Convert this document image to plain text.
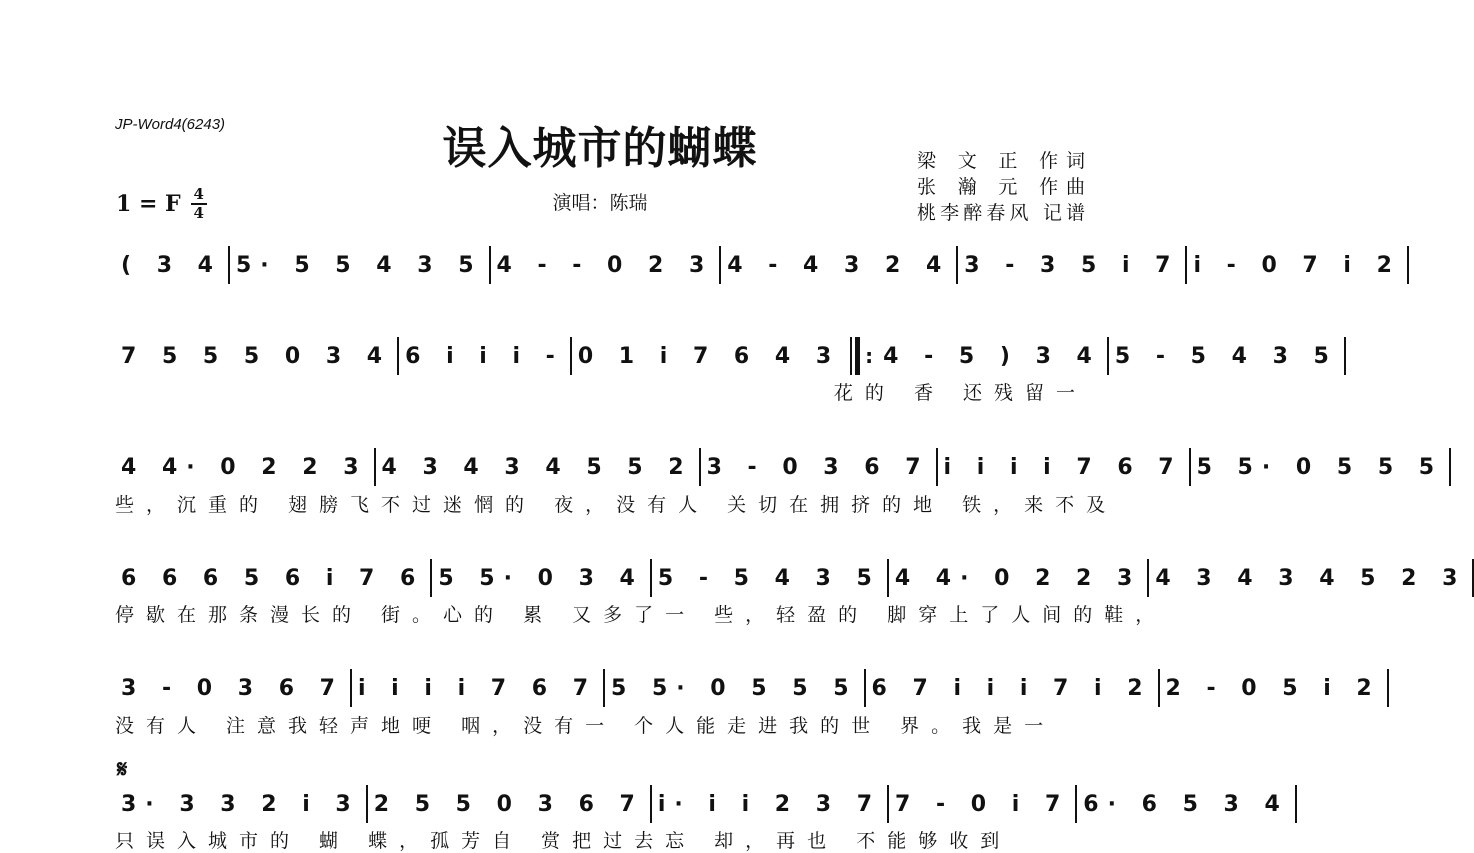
JP-Word4(6243)	误入城市的蝴蝶
1 = F 4
4	演唱：陈瑞
梁 文 正 作词
张 瀚 元 作曲
桃李醉春风 记谱
𝄋
( 3 4 5· 5 5 4 3 5 4 - - 0 2 3 4 - 4 3 2 4 3 - 3 5 i 7 i - 0 7 i 2
7 5 5 5 0 3 4 6 i i i - 0 1 i 7 6 4 3 : 4 - 5 ) 3 4 5 - 5 4 3 5
花的 香 还残留一
4 4· 0 2 2 3 4 3 4 3 4 5 5 2 3 - 0 3 6 7 i i i i 7 6 7 5 5· 0 5 5 5
些，沉重的 翅膀飞不过迷惘的 夜，没有人 关切在拥挤的地 铁，来不及
6 6 6 5 6 i 7 6 5 5· 0 3 4 5 - 5 4 3 5 4 4· 0 2 2 3 4 3 4 3 4 5 2 3
停歇在那条漫长的 街。心的 累 又多了一 些，轻盈的 脚穿上了人间的鞋，
3 - 0 3 6 7 i i i i 7 6 7 5 5· 0 5 5 5 6 7 i i i 7 i 2 2 - 0 5 i 2
没有人 注意我轻声地哽 咽，没有一 个人能走进我的世 界。我是一
3· 3 3 2 i 3 2 5 5 0 3 6 7 i· i i 2 3 7 7 - 0 i 7 6· 6 5 3 4
只误入城市的 蝴 蝶，孤芳自 赏把过去忘 却，再也 不能够收到
